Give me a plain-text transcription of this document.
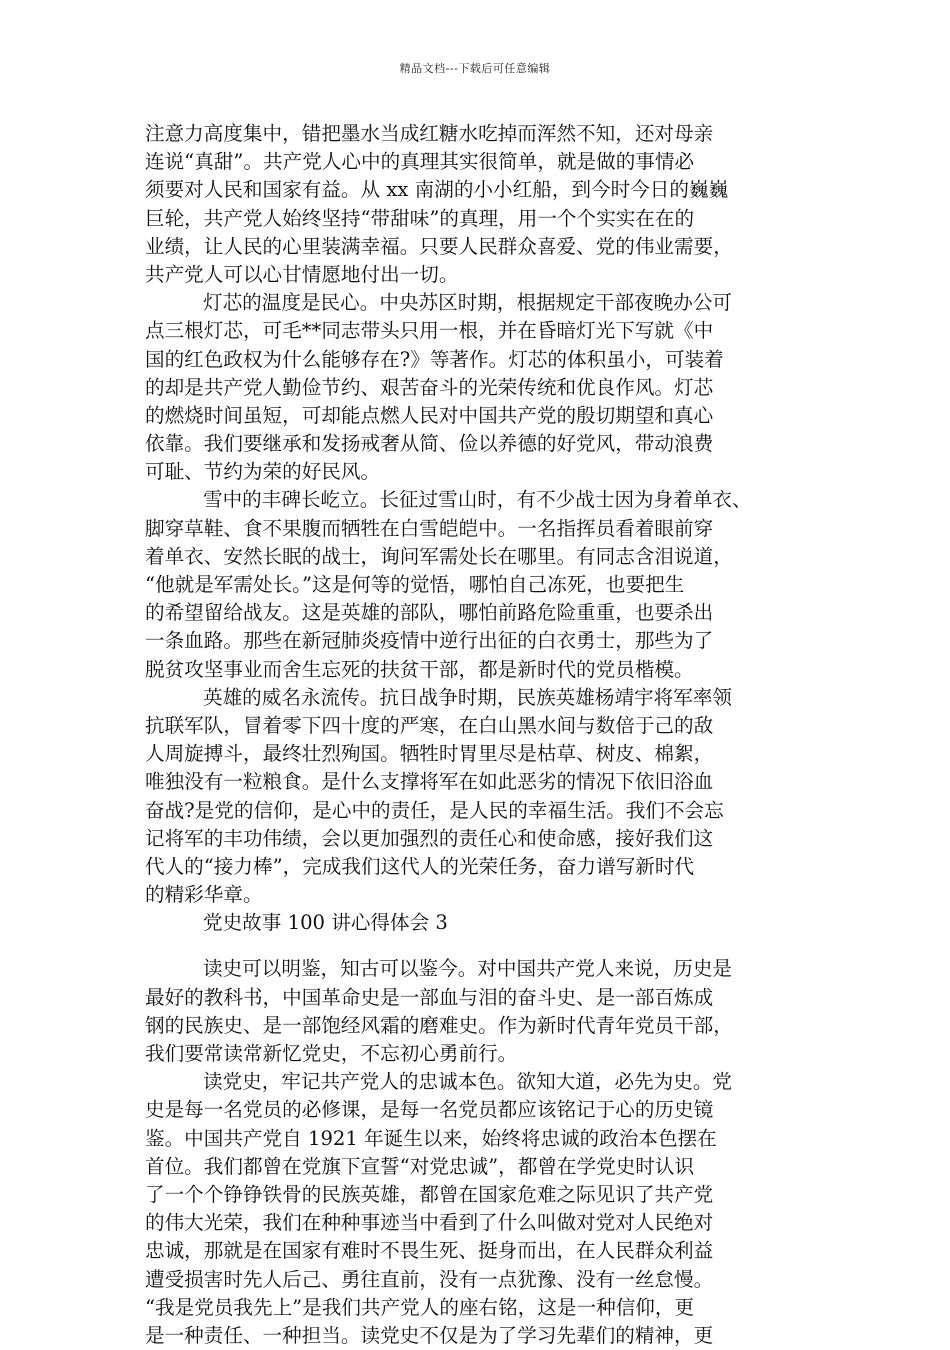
精品文档---下载后可任意编辑
注意力高度集中，错把墨水当成红糖水吃掉而浑然不知，还对母亲
连说“真甜”。共产党人心中的真理其实很简单，就是做的事情必
须要对人民和国家有益。从 xx 南湖的小小红船，到今时今日的巍巍
巨轮，共产党人始终坚持“带甜味”的真理，用一个个实实在在的
业绩，让人民的心里装满幸福。只要人民群众喜爱、党的伟业需要，
共产党人可以心甘情愿地付出一切。
灯芯的温度是民心。中央苏区时期，根据规定干部夜晚办公可
点三根灯芯，可毛**同志带头只用一根，并在昏暗灯光下写就《中
国的红色政权为什么能够存在?》等著作。灯芯的体积虽小，可装着
的却是共产党人勤俭节约、艰苦奋斗的光荣传统和优良作风。灯芯
的燃烧时间虽短，可却能点燃人民对中国共产党的殷切期望和真心
依靠。我们要继承和发扬戒奢从简、俭以养德的好党风，带动浪费
可耻、节约为荣的好民风。
雪中的丰碑长屹立。长征过雪山时，有不少战士因为身着单衣、
脚穿草鞋、食不果腹而牺牲在白雪皑皑中。一名指挥员看着眼前穿
着单衣、安然长眠的战士，询问军需处长在哪里。有同志含泪说道，
“他就是军需处长。”这是何等的觉悟，哪怕自己冻死，也要把生
的希望留给战友。这是英雄的部队，哪怕前路危险重重，也要杀出
一条血路。那些在新冠肺炎疫情中逆行出征的白衣勇士，那些为了
脱贫攻坚事业而舍生忘死的扶贫干部，都是新时代的党员楷模。
英雄的威名永流传。抗日战争时期，民族英雄杨靖宇将军率领
抗联军队，冒着零下四十度的严寒，在白山黑水间与数倍于己的敌
人周旋搏斗，最终壮烈殉国。牺牲时胃里尽是枯草、树皮、棉絮，
唯独没有一粒粮食。是什么支撑将军在如此恶劣的情况下依旧浴血
奋战?是党的信仰，是心中的责任，是人民的幸福生活。我们不会忘
记将军的丰功伟绩，会以更加强烈的责任心和使命感，接好我们这
代人的“接力棒”，完成我们这代人的光荣任务，奋力谱写新时代
的精彩华章。
党史故事 100 讲心得体会 3
读史可以明鉴，知古可以鉴今。对中国共产党人来说，历史是
最好的教科书，中国革命史是一部血与泪的奋斗史、是一部百炼成
钢的民族史、是一部饱经风霜的磨难史。作为新时代青年党员干部，
我们要常读常新忆党史，不忘初心勇前行。
读党史，牢记共产党人的忠诚本色。欲知大道，必先为史。党
史是每一名党员的必修课，是每一名党员都应该铭记于心的历史镜
鉴。中国共产党自 1921 年诞生以来，始终将忠诚的政治本色摆在
首位。我们都曾在党旗下宣誓“对党忠诚”，都曾在学党史时认识
了一个个铮铮铁骨的民族英雄，都曾在国家危难之际见识了共产党
的伟大光荣，我们在种种事迹当中看到了什么叫做对党对人民绝对
忠诚，那就是在国家有难时不畏生死、挺身而出，在人民群众利益
遭受损害时先人后己、勇往直前，没有一点犹豫、没有一丝怠慢。
“我是党员我先上”是我们共产党人的座右铭，这是一种信仰，更
是一种责任、一种担当。读党史不仅是为了学习先辈们的精神，更
